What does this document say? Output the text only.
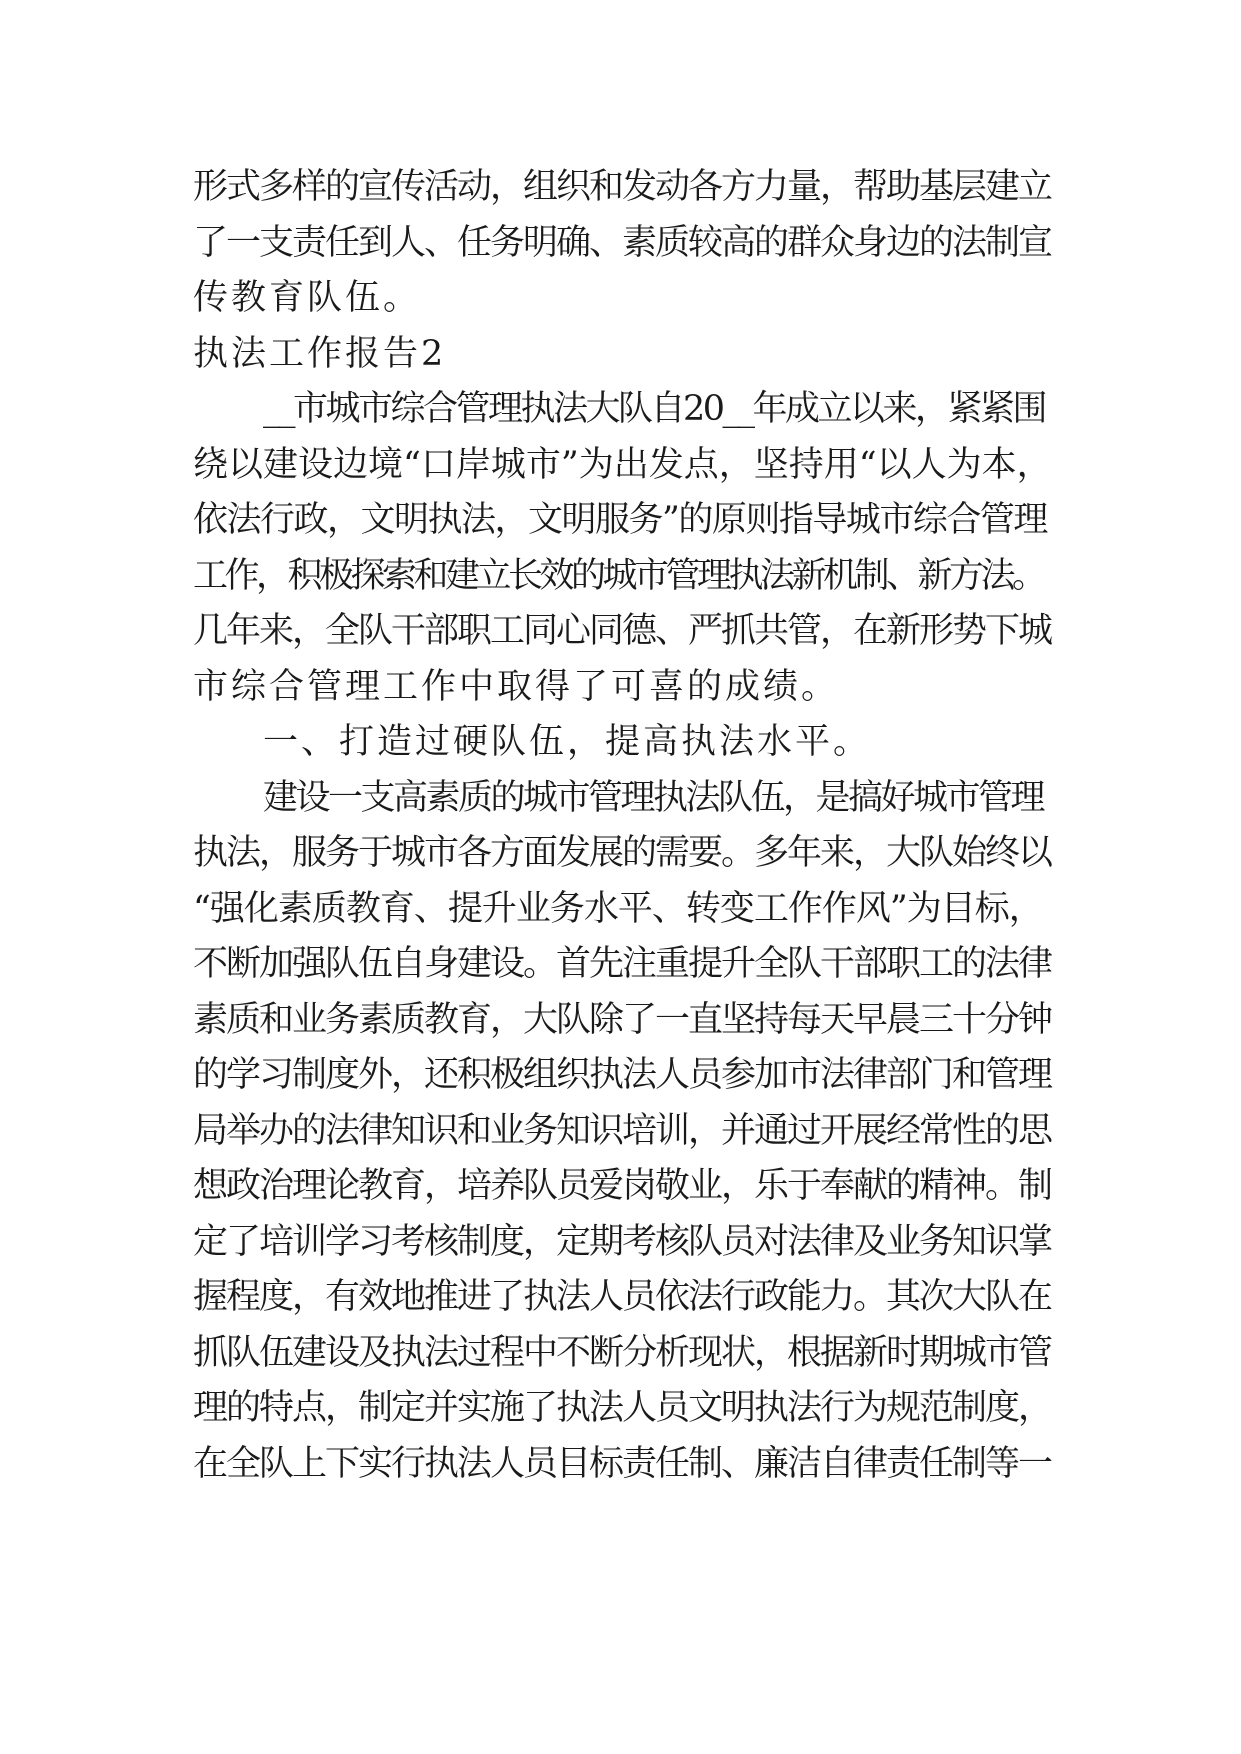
形式多样的宣传活动，组织和发动各方力量，帮助基层建立
了一支责任到人、任务明确、素质较高的群众身边的法制宣
传教育队伍。
执法工作报告2
__市城市综合管理执法大队自20__年成立以来，紧紧围
绕以建设边境“口岸城市”为出发点，坚持用“以人为本，
依法行政，文明执法，文明服务”的原则指导城市综合管理
工作，积极探索和建立长效的城市管理执法新机制、新方法。
几年来，全队干部职工同心同德、严抓共管，在新形势下城
市综合管理工作中取得了可喜的成绩。
一、打造过硬队伍，提高执法水平。
建设一支高素质的城市管理执法队伍，是搞好城市管理
执法，服务于城市各方面发展的需要。多年来，大队始终以
“强化素质教育、提升业务水平、转变工作作风”为目标，
不断加强队伍自身建设。首先注重提升全队干部职工的法律
素质和业务素质教育，大队除了一直坚持每天早晨三十分钟
的学习制度外，还积极组织执法人员参加市法律部门和管理
局举办的法律知识和业务知识培训，并通过开展经常性的思
想政治理论教育，培养队员爱岗敬业，乐于奉献的精神。制
定了培训学习考核制度，定期考核队员对法律及业务知识掌
握程度，有效地推进了执法人员依法行政能力。其次大队在
抓队伍建设及执法过程中不断分析现状，根据新时期城市管
理的特点，制定并实施了执法人员文明执法行为规范制度，
在全队上下实行执法人员目标责任制、廉洁自律责任制等一
